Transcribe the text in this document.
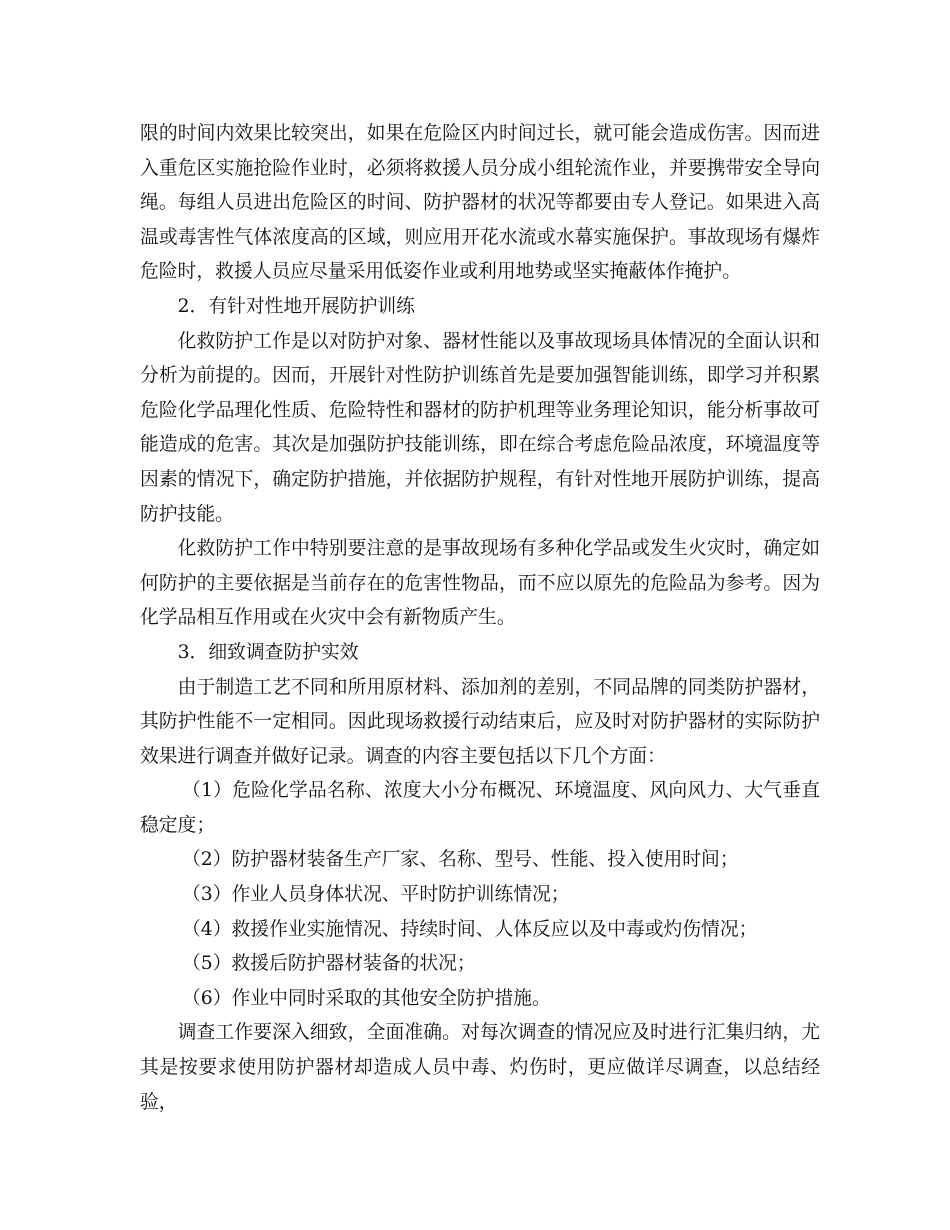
限的时间内效果比较突出，如果在危险区内时间过长，就可能会造成伤害。因而进入重危区实施抢险作业时，必须将救援人员分成小组轮流作业，并要携带安全导向绳。每组人员进出危险区的时间、防护器材的状况等都要由专人登记。如果进入高温或毒害性气体浓度高的区域，则应用开花水流或水幕实施保护。事故现场有爆炸危险时，救援人员应尽量采用低姿作业或利用地势或坚实掩蔽体作掩护。

2．有针对性地开展防护训练

化救防护工作是以对防护对象、器材性能以及事故现场具体情况的全面认识和分析为前提的。因而，开展针对性防护训练首先是要加强智能训练，即学习并积累危险化学品理化性质、危险特性和器材的防护机理等业务理论知识，能分析事故可能造成的危害。其次是加强防护技能训练，即在综合考虑危险品浓度，环境温度等因素的情况下，确定防护措施，并依据防护规程，有针对性地开展防护训练，提高防护技能。

化救防护工作中特别要注意的是事故现场有多种化学品或发生火灾时，确定如何防护的主要依据是当前存在的危害性物品，而不应以原先的危险品为参考。因为化学品相互作用或在火灾中会有新物质产生。

3．细致调查防护实效

由于制造工艺不同和所用原材料、添加剂的差别，不同品牌的同类防护器材，其防护性能不一定相同。因此现场救援行动结束后，应及时对防护器材的实际防护效果进行调查并做好记录。调查的内容主要包括以下几个方面：

（1）危险化学品名称、浓度大小分布概况、环境温度、风向风力、大气垂直稳定度；

（2）防护器材装备生产厂家、名称、型号、性能、投入使用时间；

（3）作业人员身体状况、平时防护训练情况；

（4）救援作业实施情况、持续时间、人体反应以及中毒或灼伤情况；

（5）救援后防护器材装备的状况；

（6）作业中同时采取的其他安全防护措施。

调查工作要深入细致，全面准确。对每次调查的情况应及时进行汇集归纳，尤其是按要求使用防护器材却造成人员中毒、灼伤时，更应做详尽调查，以总结经验，
